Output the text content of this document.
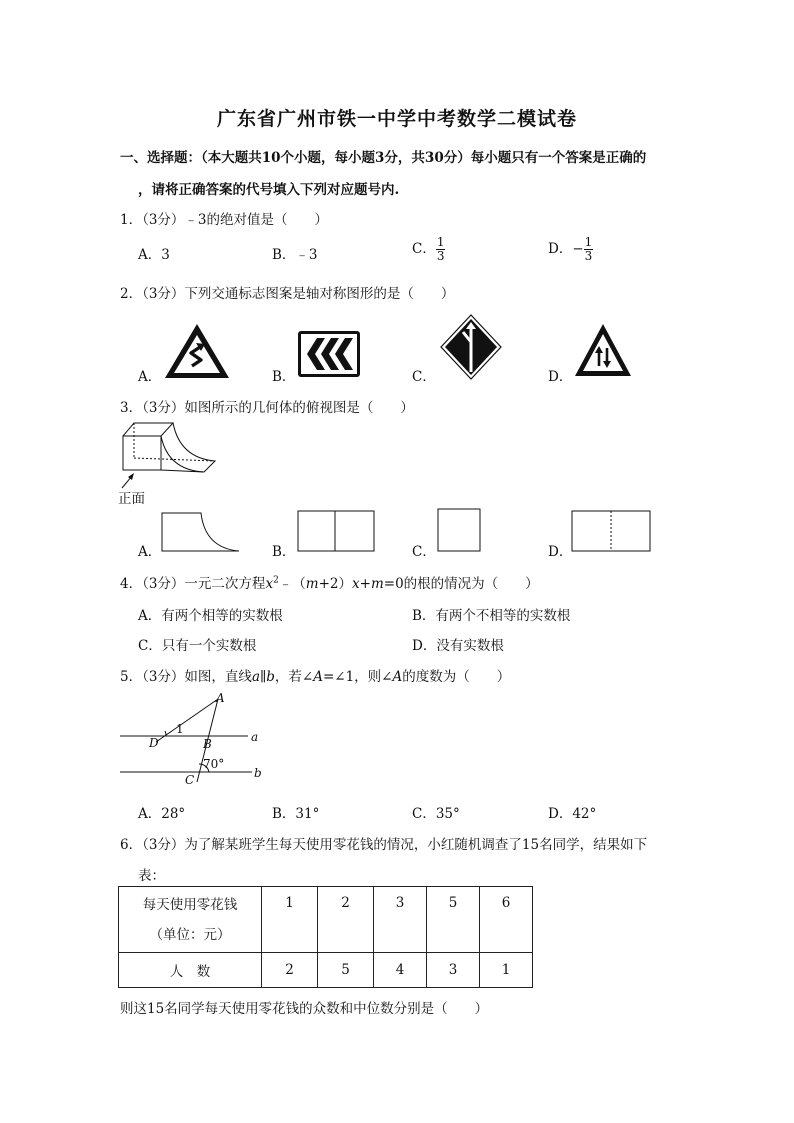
广东省广州市铁一中学中考数学二模试卷
一、选择题：（本大题共10个小题，每小题3分，共30分）每小题只有一个答案是正确的
，请将正确答案的代号填入下列对应题号内.
1．（3分）﹣3的绝对值是（　　）
A．3	B．﹣3	C． $\frac{1}{3}$	D．− $\frac{1}{3}$
2．（3分）下列交通标志图案是轴对称图形的是（　　）
A．	B．	C．	D．
3．（3分）如图所示的几何体的俯视图是（　　）
正面
A．	B．	C．	D．
4．（3分）一元二次方程$x^2﹣(m+2)x+m=0$的根的情况为（　　）
A．有两个相等的实数根	B．有两个不相等的实数根
C．只有一个实数根	D．没有实数根
5．（3分）如图，直线a∥b，若∠A=∠1，则∠A的度数为（　　）
A
1
D	B	a
70°
b
C
A．28°	B．31°	C．35°	D．42°
6．（3分）为了解某班学生每天使用零花钱的情况，小红随机调查了15名同学，结果如下
表：
每天使用零花钱
（单位：元）	1	2	3	5	6
人　数	2	5	4	3	1
则这15名同学每天使用零花钱的众数和中位数分别是（　　）
